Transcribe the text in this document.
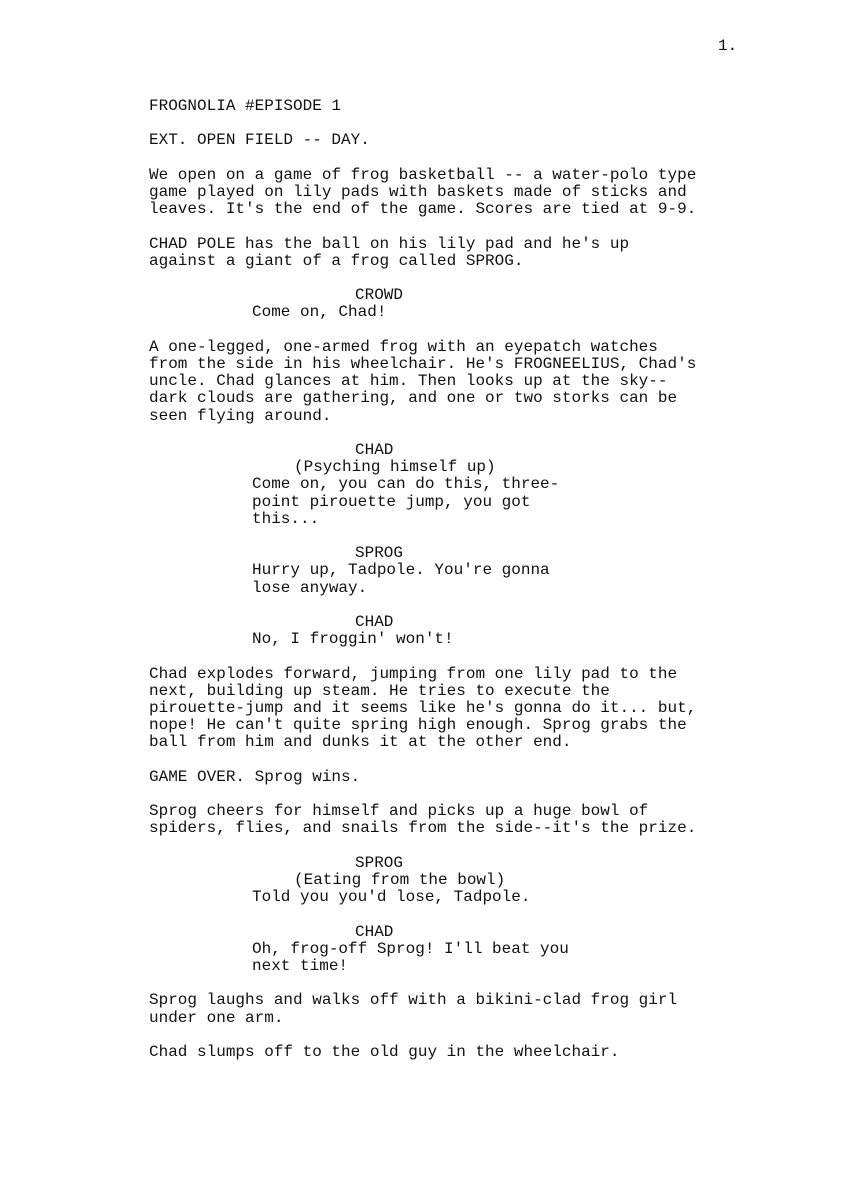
1.
FROGNOLIA #EPISODE 1
EXT. OPEN FIELD -- DAY.
We open on a game of frog basketball -- a water-polo type
game played on lily pads with baskets made of sticks and
leaves. It's the end of the game. Scores are tied at 9-9.
CHAD POLE has the ball on his lily pad and he's up
against a giant of a frog called SPROG.
CROWD
Come on, Chad!
A one-legged, one-armed frog with an eyepatch watches
from the side in his wheelchair. He's FROGNEELIUS, Chad's
uncle. Chad glances at him. Then looks up at the sky--
dark clouds are gathering, and one or two storks can be
seen flying around.
CHAD
(Psyching himself up)
Come on, you can do this, three-
point pirouette jump, you got
this...
SPROG
Hurry up, Tadpole. You're gonna
lose anyway.
CHAD
No, I froggin' won't!
Chad explodes forward, jumping from one lily pad to the
next, building up steam. He tries to execute the
pirouette-jump and it seems like he's gonna do it... but,
nope! He can't quite spring high enough. Sprog grabs the
ball from him and dunks it at the other end.
GAME OVER. Sprog wins.
Sprog cheers for himself and picks up a huge bowl of
spiders, flies, and snails from the side--it's the prize.
SPROG
(Eating from the bowl)
Told you you'd lose, Tadpole.
CHAD
Oh, frog-off Sprog! I'll beat you
next time!
Sprog laughs and walks off with a bikini-clad frog girl
under one arm.
Chad slumps off to the old guy in the wheelchair.
